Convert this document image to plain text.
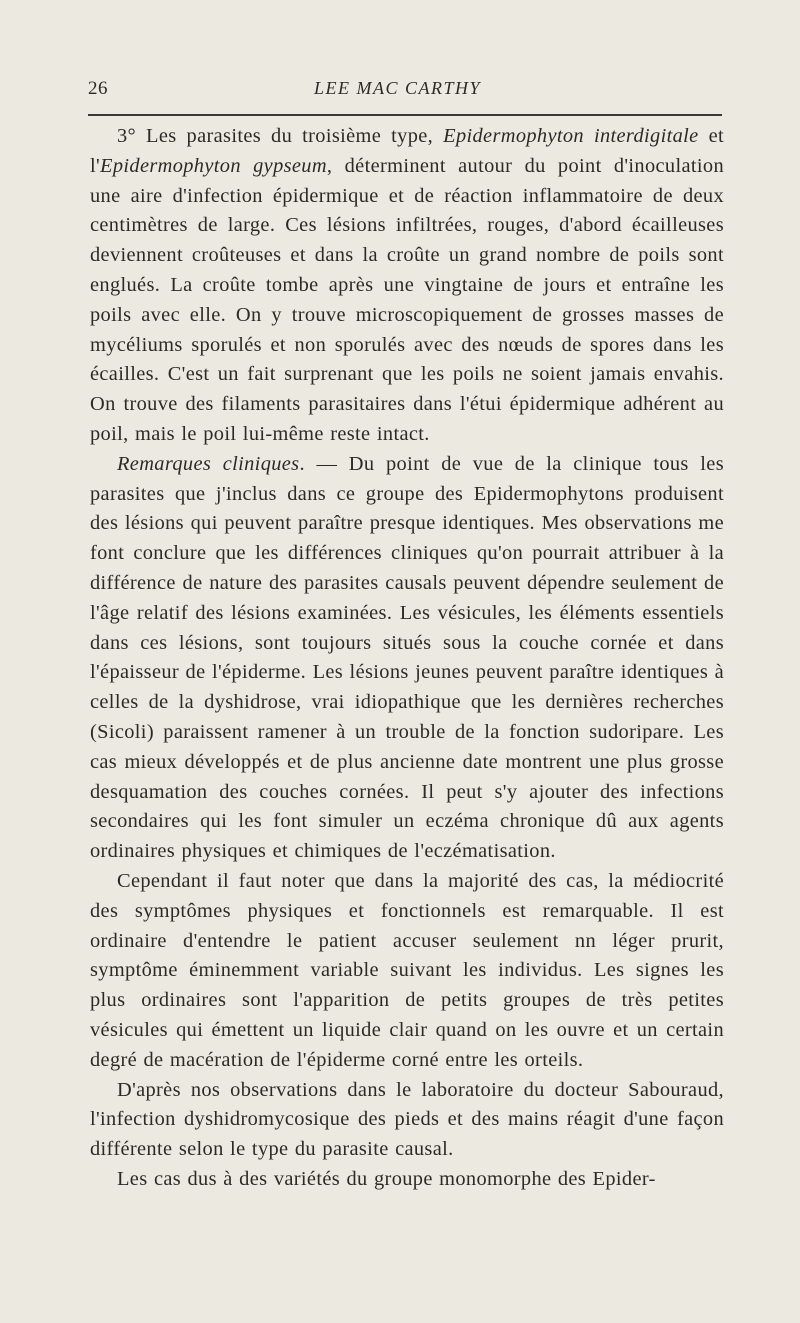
26	LEE MAC CARTHY

3° Les parasites du troisième type, Epidermophyton interdigitale et l'Epidermophyton gypseum, déterminent autour du point d'inoculation une aire d'infection épidermique et de réaction inflammatoire de deux centimètres de large. Ces lésions infiltrées, rouges, d'abord écailleuses deviennent croûteuses et dans la croûte un grand nombre de poils sont englués. La croûte tombe après une vingtaine de jours et entraîne les poils avec elle. On y trouve microscopiquement de grosses masses de mycéliums sporulés et non sporulés avec des nœuds de spores dans les écailles. C'est un fait surprenant que les poils ne soient jamais envahis. On trouve des filaments parasitaires dans l'étui épidermique adhérent au poil, mais le poil lui-même reste intact.

Remarques cliniques. — Du point de vue de la clinique tous les parasites que j'inclus dans ce groupe des Epidermophytons produisent des lésions qui peuvent paraître presque identiques. Mes observations me font conclure que les différences cliniques qu'on pourrait attribuer à la différence de nature des parasites causals peuvent dépendre seulement de l'âge relatif des lésions examinées. Les vésicules, les éléments essentiels dans ces lésions, sont toujours situés sous la couche cornée et dans l'épaisseur de l'épiderme. Les lésions jeunes peuvent paraître identiques à celles de la dyshidrose, vrai idiopathique que les dernières recherches (Sicoli) paraissent ramener à un trouble de la fonction sudoripare. Les cas mieux développés et de plus ancienne date montrent une plus grosse desquamation des couches cornées. Il peut s'y ajouter des infections secondaires qui les font simuler un eczéma chronique dû aux agents ordinaires physiques et chimiques de l'eczématisation.

Cependant il faut noter que dans la majorité des cas, la médiocrité des symptômes physiques et fonctionnels est remarquable. Il est ordinaire d'entendre le patient accuser seulement nn léger prurit, symptôme éminemment variable suivant les individus. Les signes les plus ordinaires sont l'apparition de petits groupes de très petites vésicules qui émettent un liquide clair quand on les ouvre et un certain degré de macération de l'épiderme corné entre les orteils.

D'après nos observations dans le laboratoire du docteur Sabouraud, l'infection dyshidromycosique des pieds et des mains réagit d'une façon différente selon le type du parasite causal.

Les cas dus à des variétés du groupe monomorphe des Epider-
